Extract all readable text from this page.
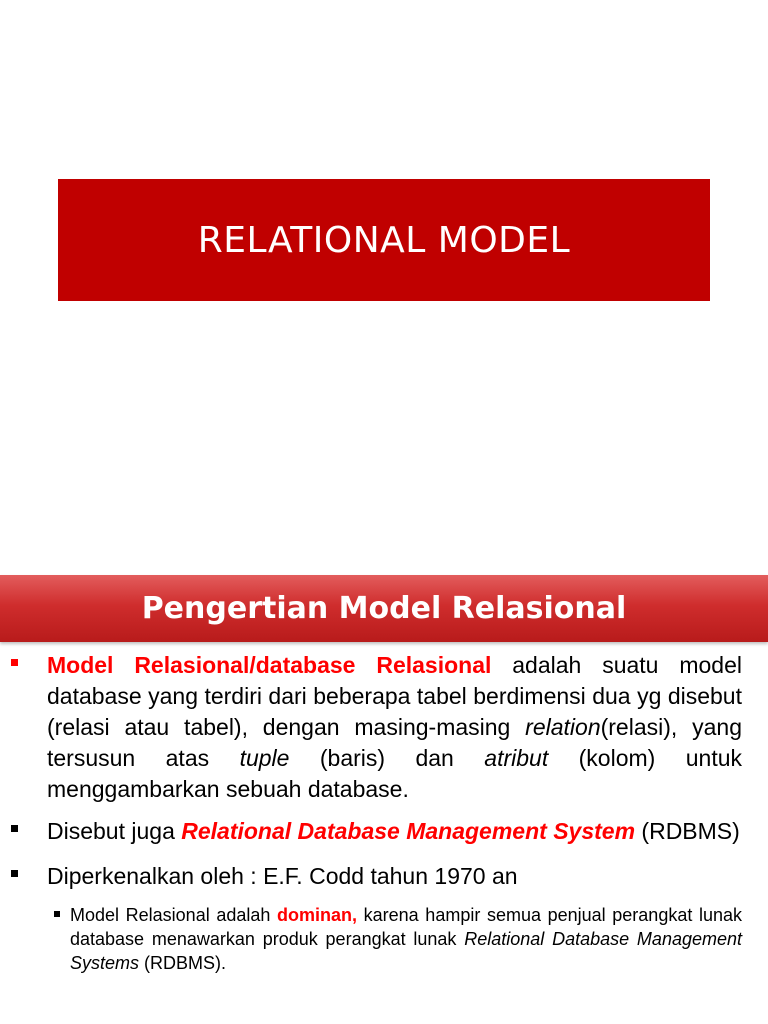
RELATIONAL MODEL
Pengertian Model Relasional
Model Relasional/database Relasional adalah suatu model database yang terdiri dari beberapa tabel berdimensi dua yg disebut (relasi atau tabel), dengan masing-masing relation(relasi), yang tersusun atas tuple (baris) dan atribut (kolom) untuk menggambarkan sebuah database.
Disebut juga Relational Database Management System (RDBMS)
Diperkenalkan oleh : E.F. Codd tahun 1970 an
Model Relasional adalah dominan, karena hampir semua penjual perangkat lunak database menawarkan produk perangkat lunak Relational Database Management Systems (RDBMS).
